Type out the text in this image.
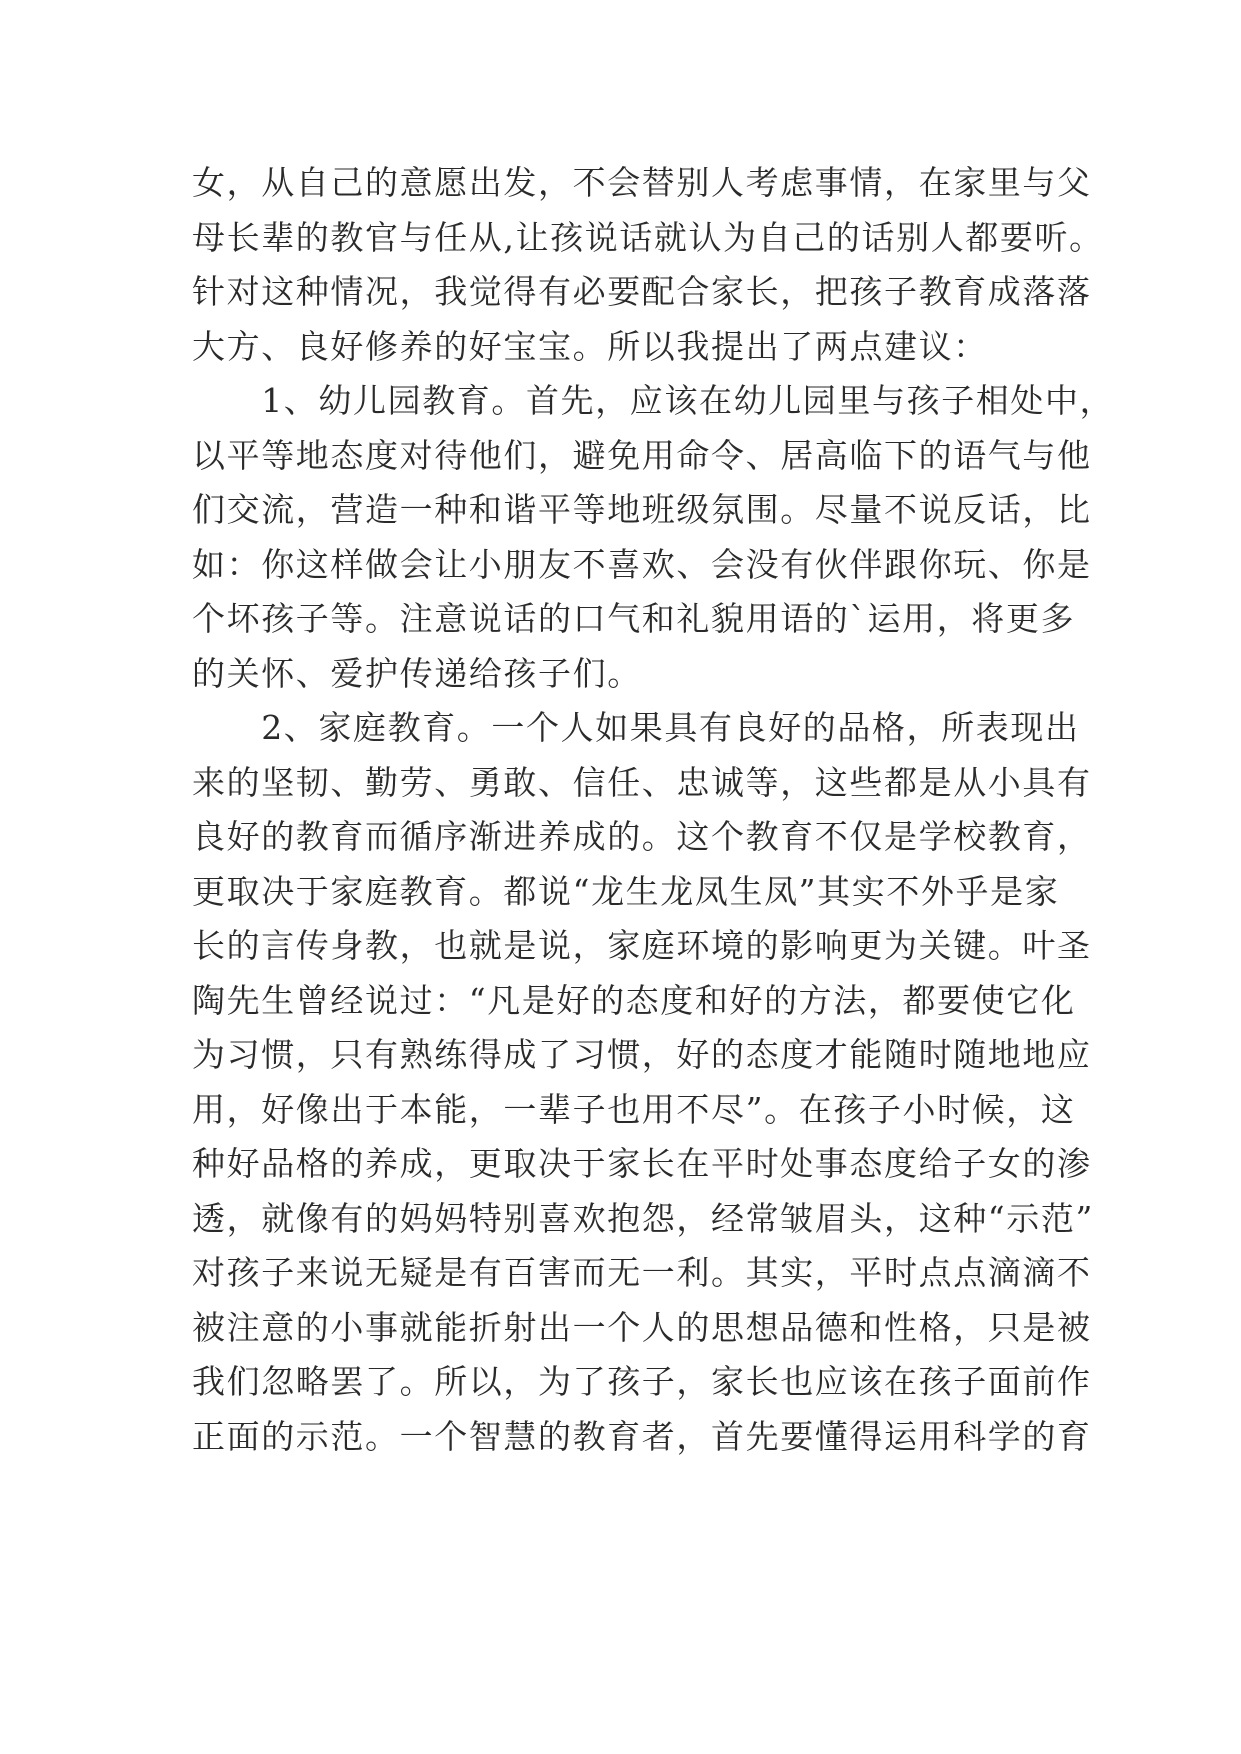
女，从自己的意愿出发，不会替别人考虑事情，在家里与父
母长辈的教官与任从,让孩说话就认为自己的话别人都要听。
针对这种情况，我觉得有必要配合家长，把孩子教育成落落
大方、良好修养的好宝宝。所以我提出了两点建议：
　　1、幼儿园教育。首先，应该在幼儿园里与孩子相处中，
以平等地态度对待他们，避免用命令、居高临下的语气与他
们交流，营造一种和谐平等地班级氛围。尽量不说反话，比
如：你这样做会让小朋友不喜欢、会没有伙伴跟你玩、你是
个坏孩子等。注意说话的口气和礼貌用语的`运用，将更多
的关怀、爱护传递给孩子们。
　　2、家庭教育。一个人如果具有良好的品格，所表现出
来的坚韧、勤劳、勇敢、信任、忠诚等，这些都是从小具有
良好的教育而循序渐进养成的。这个教育不仅是学校教育，
更取决于家庭教育。都说“龙生龙凤生凤”其实不外乎是家
长的言传身教，也就是说，家庭环境的影响更为关键。叶圣
陶先生曾经说过：“凡是好的态度和好的方法，都要使它化
为习惯，只有熟练得成了习惯，好的态度才能随时随地地应
用，好像出于本能，一辈子也用不尽”。在孩子小时候，这
种好品格的养成，更取决于家长在平时处事态度给子女的渗
透，就像有的妈妈特别喜欢抱怨，经常皱眉头，这种“示范”
对孩子来说无疑是有百害而无一利。其实，平时点点滴滴不
被注意的小事就能折射出一个人的思想品德和性格，只是被
我们忽略罢了。所以，为了孩子，家长也应该在孩子面前作
正面的示范。一个智慧的教育者，首先要懂得运用科学的育
